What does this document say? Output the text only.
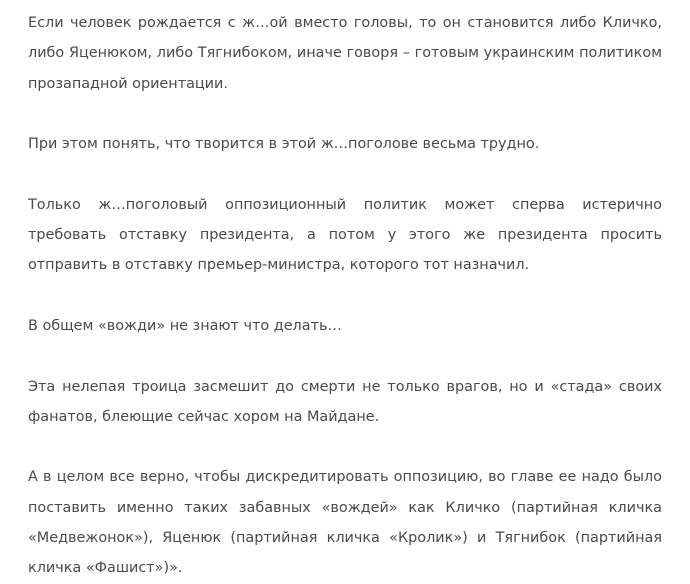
Если человек рождается с ж…ой вместо головы, то он становится либо Кличко, либо Яценюком, либо Тягнибоком, иначе говоря – готовым украинским политиком прозападной ориентации.

При этом понять, что творится в этой ж…поголове весьма трудно.

Только ж…поголовый оппозиционный политик может сперва истерично требовать отставку президента, а потом у этого же президента просить отправить в отставку премьер-министра, которого тот назначил.

В общем «вожди» не знают что делать…

Эта нелепая троица засмешит до смерти не только врагов, но и «стада» своих фанатов, блеющие сейчас хором на Майдане.

А в целом все верно, чтобы дискредитировать оппозицию, во главе ее надо было поставить именно таких забавных «вождей» как Кличко (партийная кличка «Медвежонок»), Яценюк (партийная кличка «Кролик») и Тягнибок (партийная кличка «Фашист»)».
